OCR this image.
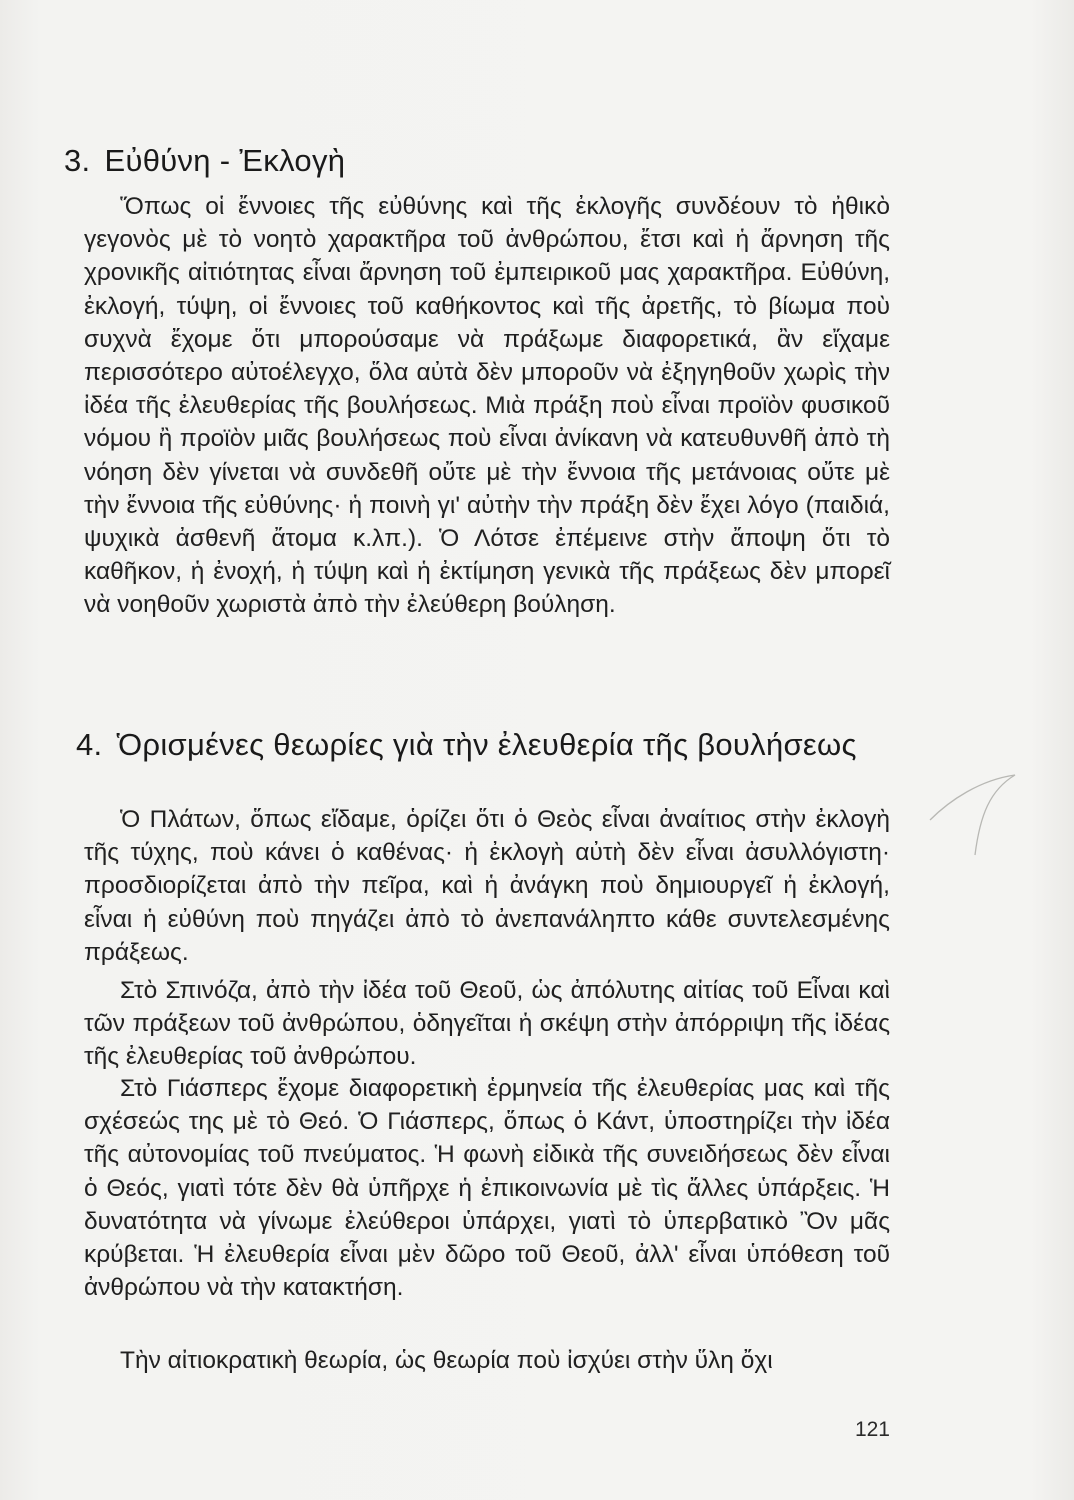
3. Εὐθύνη - Ἐκλογὴ

Ὅπως οἱ ἔννοιες τῆς εὐθύνης καὶ τῆς ἐκλογῆς συνδέουν τὸ ἠθικὸ γεγονὸς μὲ τὸ νοητὸ χαρακτῆρα τοῦ ἀνθρώπου, ἔτσι καὶ ἡ ἄρνηση τῆς χρονικῆς αἰτιότητας εἶναι ἄρνηση τοῦ ἐμπειρικοῦ μας χαρακτῆρα. Εὐθύνη, ἐκλογή, τύψη, οἱ ἔννοιες τοῦ καθήκοντος καὶ τῆς ἀρετῆς, τὸ βίωμα ποὺ συχνὰ ἔχομε ὅτι μπορούσαμε νὰ πράξωμε διαφορετικά, ἂν εἴχαμε περισσότερο αὐτοέλεγχο, ὅλα αὐτὰ δὲν μποροῦν νὰ ἐξηγηθοῦν χωρὶς τὴν ἰδέα τῆς ἐλευθερίας τῆς βουλήσεως. Μιὰ πράξη ποὺ εἶναι προϊὸν φυσικοῦ νόμου ἢ προϊὸν μιᾶς βουλήσεως ποὺ εἶναι ἀνίκανη νὰ κατευθυνθῆ ἀπὸ τὴ νόηση δὲν γίνεται νὰ συνδεθῆ οὔτε μὲ τὴν ἔννοια τῆς μετάνοιας οὔτε μὲ τὴν ἔννοια τῆς εὐθύνης· ἡ ποινὴ γι' αὐτὴν τὴν πράξη δὲν ἔχει λόγο (παιδιά, ψυχικὰ ἀσθενῆ ἄτομα κ.λπ.). Ὁ Λότσε ἐπέμεινε στὴν ἄποψη ὅτι τὸ καθῆκον, ἡ ἐνοχή, ἡ τύψη καὶ ἡ ἐκτίμηση γενικὰ τῆς πράξεως δὲν μπορεῖ νὰ νοηθοῦν χωριστὰ ἀπὸ τὴν ἐλεύθερη βούληση.

4. Ὁρισμένες θεωρίες γιὰ τὴν ἐλευθερία τῆς βουλήσεως

Ὁ Πλάτων, ὅπως εἴδαμε, ὁρίζει ὅτι ὁ Θεὸς εἶναι ἀναίτιος στὴν ἐκλογὴ τῆς τύχης, ποὺ κάνει ὁ καθένας· ἡ ἐκλογὴ αὐτὴ δὲν εἶναι ἀσυλλόγιστη· προσδιορίζεται ἀπὸ τὴν πεῖρα, καὶ ἡ ἀνάγκη ποὺ δημιουργεῖ ἡ ἐκλογή, εἶναι ἡ εὐθύνη ποὺ πηγάζει ἀπὸ τὸ ἀνεπανάληπτο κάθε συντελεσμένης πράξεως.

Στὸ Σπινόζα, ἀπὸ τὴν ἰδέα τοῦ Θεοῦ, ὡς ἀπόλυτης αἰτίας τοῦ Εἶναι καὶ τῶν πράξεων τοῦ ἀνθρώπου, ὁδηγεῖται ἡ σκέψη στὴν ἀπόρριψη τῆς ἰδέας τῆς ἐλευθερίας τοῦ ἀνθρώπου.

Στὸ Γιάσπερς ἔχομε διαφορετικὴ ἑρμηνεία τῆς ἐλευθερίας μας καὶ τῆς σχέσεώς της μὲ τὸ Θεό. Ὁ Γιάσπερς, ὅπως ὁ Κάντ, ὑποστηρίζει τὴν ἰδέα τῆς αὐτονομίας τοῦ πνεύματος. Ἡ φωνὴ εἰδικὰ τῆς συνειδήσεως δὲν εἶναι ὁ Θεός, γιατὶ τότε δὲν θὰ ὑπῆρχε ἡ ἐπικοινωνία μὲ τὶς ἄλλες ὑπάρξεις. Ἡ δυνατότητα νὰ γίνωμε ἐλεύθεροι ὑπάρχει, γιατὶ τὸ ὑπερβατικὸ Ὂν μᾶς κρύβεται. Ἡ ἐλευθερία εἶναι μὲν δῶρο τοῦ Θεοῦ, ἀλλ' εἶναι ὑπόθεση τοῦ ἀνθρώπου νὰ τὴν κατακτήση.

Τὴν αἰτιοκρατικὴ θεωρία, ὡς θεωρία ποὺ ἰσχύει στὴν ὕλη ὄχι

121
